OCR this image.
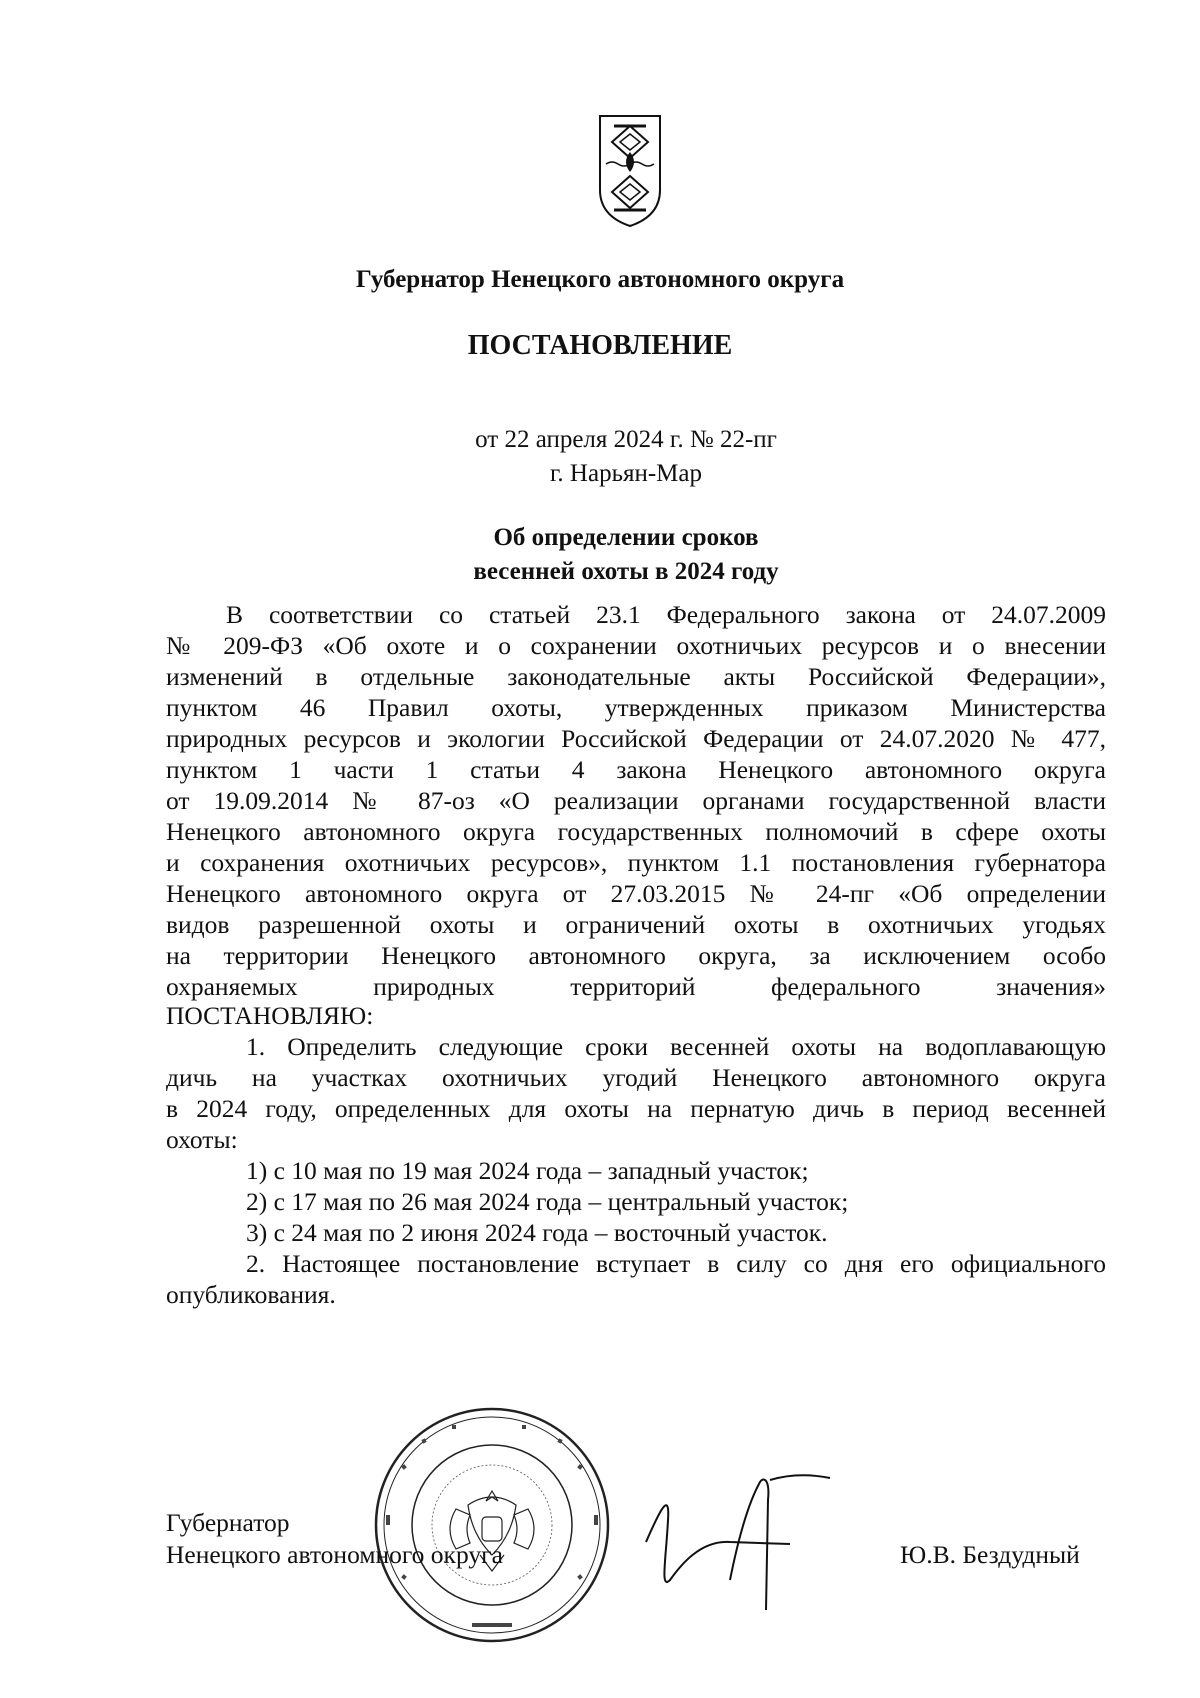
Губернатор Ненецкого автономного округа
ПОСТАНОВЛЕНИЕ
от 22 апреля 2024 г. № 22-пг
г. Нарьян-Мар
Об определении сроков
весенней охоты в 2024 году
В соответствии со статьей 23.1 Федерального закона от 24.07.2009
№ 209-ФЗ «Об охоте и о сохранении охотничьих ресурсов и о внесении
изменений в отдельные законодательные акты Российской Федерации»,
пунктом 46 Правил охоты, утвержденных приказом Министерства
природных ресурсов и экологии Российской Федерации от 24.07.2020 № 477,
пунктом 1 части 1 статьи 4 закона Ненецкого автономного округа
от 19.09.2014 № 87-оз «О реализации органами государственной власти
Ненецкого автономного округа государственных полномочий в сфере охоты
и сохранения охотничьих ресурсов», пунктом 1.1 постановления губернатора
Ненецкого автономного округа от 27.03.2015 № 24-пг «Об определении
видов разрешенной охоты и ограничений охоты в охотничьих угодьях
на территории Ненецкого автономного округа, за исключением особо
охраняемых природных территорий федерального значения»
ПОСТАНОВЛЯЮ:
1. Определить следующие сроки весенней охоты на водоплавающую
дичь на участках охотничьих угодий Ненецкого автономного округа
в 2024 году, определенных для охоты на пернатую дичь в период весенней
охоты:
1) с 10 мая по 19 мая 2024 года – западный участок;
2) с 17 мая по 26 мая 2024 года – центральный участок;
3) с 24 мая по 2 июня 2024 года – восточный участок.
2. Настоящее постановление вступает в силу со дня его официального
опубликования.
Губернатор
Ненецкого автономного округа	Ю.В. Бездудный
